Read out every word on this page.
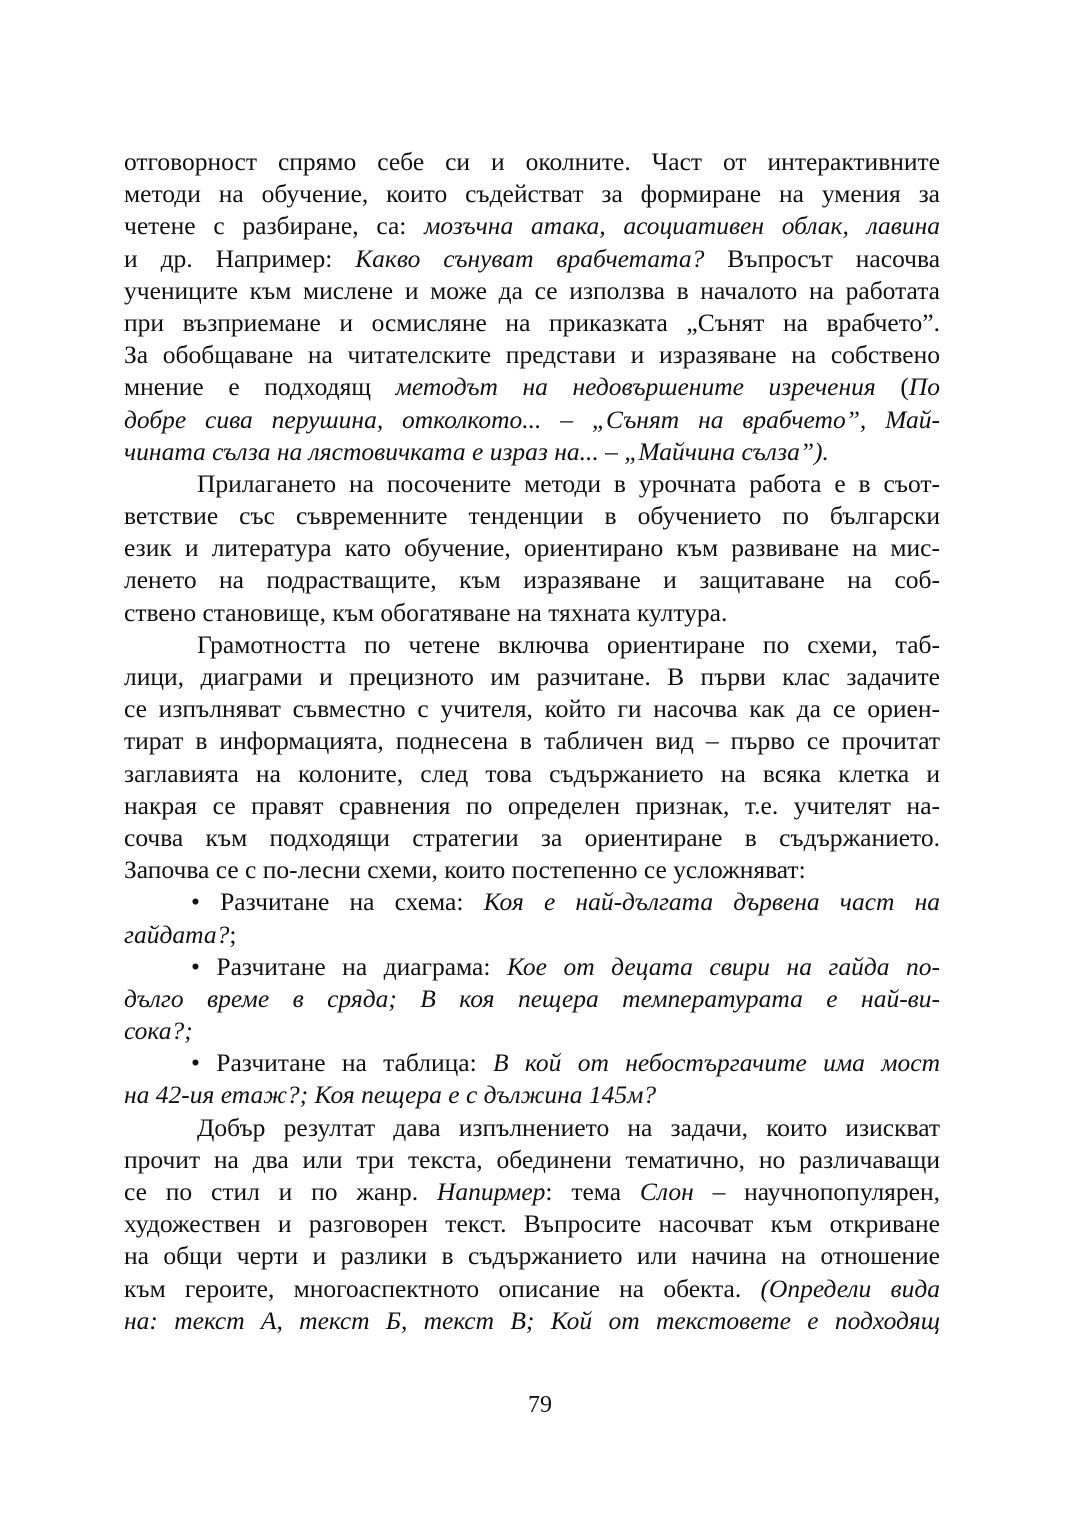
отговорност спрямо себе си и околните. Част от интерактивните
методи на обучение, които съдействат за формиране на умения за
четене с разбиране, са: мозъчна атака, асоциативен облак, лавина
и др. Например: Какво сънуват врабчетата? Въпросът насочва
учениците към мислене и може да се използва в началото на работата
при възприемане и осмисляне на приказката „Сънят на врабчето”.
За обобщаване на читателските представи и изразяване на собствено
мнение е подходящ методът на недовършените изречения (По
добре сива перушина, отколкото... – „Сънят на врабчето”, Май-
чината сълза на лястовичката е израз на... – „Майчина сълза”).
Прилагането на посочените методи в урочната работа е в съот-
ветствие със съвременните тенденции в обучението по български
език и литература като обучение, ориентирано към развиване на мис-
ленето на подрастващите, към изразяване и защитаване на соб-
ствено становище, към обогатяване на тяхната култура.
Грамотността по четене включва ориентиране по схеми, таб-
лици, диаграми и прецизното им разчитане. В първи клас задачите
се изпълняват съвместно с учителя, който ги насочва как да се ориен-
тират в информацията, поднесена в табличен вид – първо се прочитат
заглавията на колоните, след това съдържанието на всяка клетка и
накрая се правят сравнения по определен признак, т.е. учителят на-
сочва към подходящи стратегии за ориентиране в съдържанието.
Започва се с по-лесни схеми, които постепенно се усложняват:
• Разчитане на схема: Коя е най-дългата дървена част на
гайдата?;
• Разчитане на диаграма: Кое от децата свири на гайда по-
дълго време в сряда; В коя пещера температурата е най-ви-
сока?;
• Разчитане на таблица: В кой от небостъргачите има мост
на 42-ия етаж?; Коя пещера е с дължина 145м?
Добър резултат дава изпълнението на задачи, които изискват
прочит на два или три текста, обединени тематично, но различаващи
се по стил и по жанр. Напирмер: тема Слон – научнопопулярен,
художествен и разговорен текст. Въпросите насочват към откриване
на общи черти и разлики в съдържанието или начина на отношение
към героите, многоаспектното описание на обекта. (Определи вида
на: текст А, текст Б, текст В; Кой от текстовете е подходящ
79
